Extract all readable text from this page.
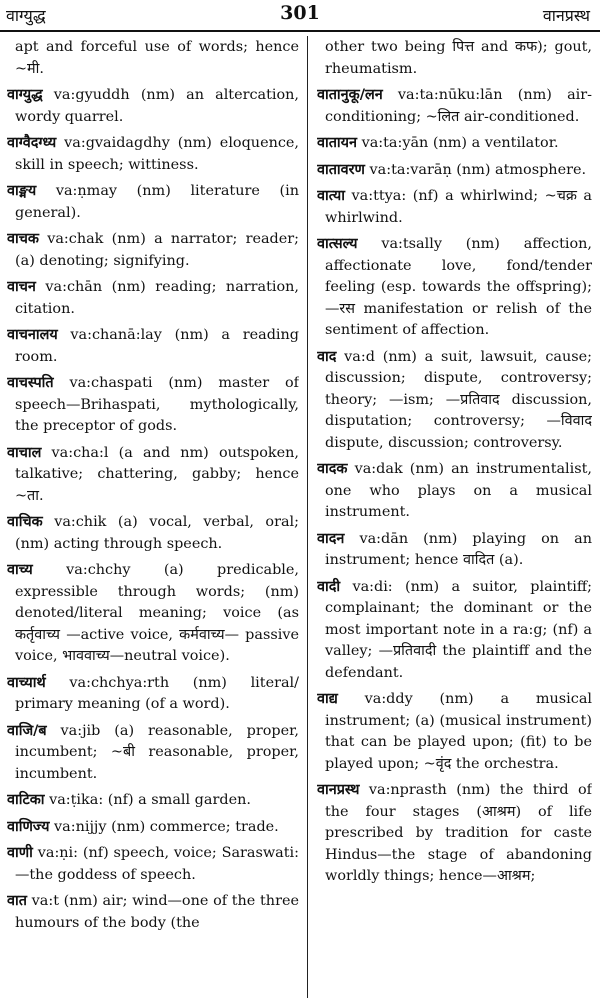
वाग्युद्ध	301	वानप्रस्थ

apt and forceful use of words; hence ~मी.

वाग्युद्ध va:gyuddh (nm) an altercation, wordy quarrel.

वाग्वैदग्ध्य va:gvaidagdhy (nm) eloquence, skill in speech; wittiness.

वाङ्मय va:ṇmay (nm) literature (in general).

वाचक va:chak (nm) a narrator; reader; (a) denoting; signifying.

वाचन va:chān (nm) reading; narration, citation.

वाचनालय va:chanā:lay (nm) a reading room.

वाचस्पति va:chaspati (nm) master of speech—Brihaspati, mythologically, the preceptor of gods.

वाचाल va:cha:l (a and nm) outspoken, talkative; chattering, gabby; hence ~ता.

वाचिक va:chik (a) vocal, verbal, oral; (nm) acting through speech.

वाच्य va:chchy (a) predicable, expressible through words; (nm) denoted/literal meaning; voice (as कर्तृवाच्य —active voice, कर्मवाच्य— passive voice, भाववाच्य—neutral voice).

वाच्यार्थ va:chchya:rth (nm) literal/ primary meaning (of a word).

वाजि/ब va:jib (a) reasonable, proper, incumbent; ~बी reasonable, proper, incumbent.

वाटिका va:ṭika: (nf) a small garden.

वाणिज्य va:nijjy (nm) commerce; trade.

वाणी va:ṇi: (nf) speech, voice; Saraswati:—the goddess of speech.

वात va:t (nm) air; wind—one of the three humours of the body (the

other two being पित्त and कफ); gout, rheumatism.

वातानुकू/लन va:ta:nūku:lān (nm) air-conditioning; ~लित air-conditioned.

वातायन va:ta:yān (nm) a ventilator.

वातावरण va:ta:varāṇ (nm) atmosphere.

वात्या va:ttya: (nf) a whirlwind; ~चक्र a whirlwind.

वात्सल्य va:tsally (nm) affection, affectionate love, fond/tender feeling (esp. towards the offspring); —रस manifestation or relish of the sentiment of affection.

वाद va:d (nm) a suit, lawsuit, cause; discussion; dispute, controversy; theory; —ism; —प्रतिवाद discussion, disputation; controversy; —विवाद dispute, discussion; controversy.

वादक va:dak (nm) an instrumentalist, one who plays on a musical instrument.

वादन va:dān (nm) playing on an instrument; hence वादित (a).

वादी va:di: (nm) a suitor, plaintiff; complainant; the dominant or the most important note in a ra:g; (nf) a valley; —प्रतिवादी the plaintiff and the defendant.

वाद्य va:ddy (nm) a musical instrument; (a) (musical instrument) that can be played upon; (fit) to be played upon; ~वृंद the orchestra.

वानप्रस्थ va:nprasth (nm) the third of the four stages (आश्रम) of life prescribed by tradition for caste Hindus—the stage of abandoning worldly things; hence—आश्रम;
